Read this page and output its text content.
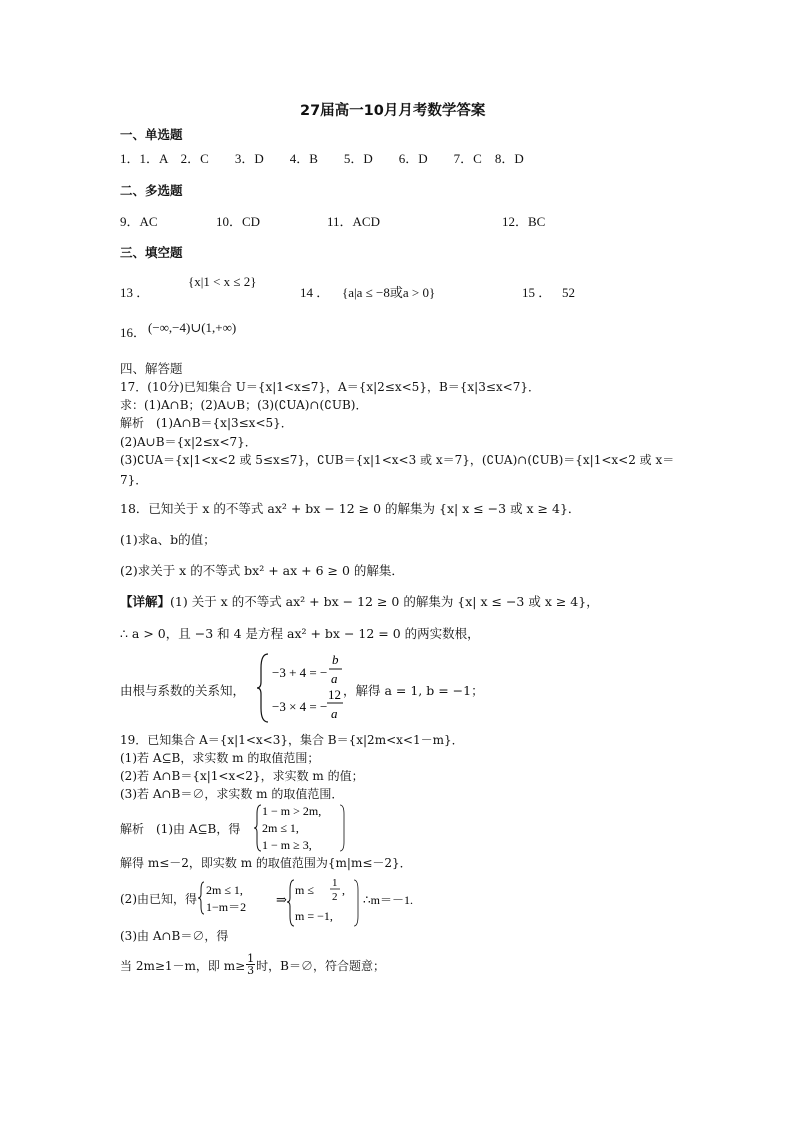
27届高一10月月考数学答案
一、单选题
1．1．A　2．C　　3．D　　4．B　　5．D　　6．D　　7．C　8．D
二、多选题
9．AC	10．CD	11．ACD	12．BC
三、填空题
13 ．
{x|1 < x ≤ 2}
14 ． {a|a ≤ −8或a > 0}	15 ． 52
16． (−∞,−4)∪(1,+∞)
四、解答题
17．(10分)已知集合 U＝{x|1<x≤7}，A＝{x|2≤x<5}，B＝{x|3≤x<7}．
求：(1)A∩B；(2)A∪B；(3)(∁UA)∩(∁UB)．
解析　(1)A∩B＝{x|3≤x<5}．
(2)A∪B＝{x|2≤x<7}．
(3)∁UA＝{x|1<x<2 或 5≤x≤7}，∁UB＝{x|1<x<3 或 x＝7}，(∁UA)∩(∁UB)＝{x|1<x<2 或 x＝
7}．
18．已知关于 x 的不等式 ax² + bx − 12 ≥ 0 的解集为 {x| x ≤ −3 或 x ≥ 4}．
(1)求a、b的值；
(2)求关于 x 的不等式 bx² + ax + 6 ≥ 0 的解集．
【详解】(1) 关于 x 的不等式 ax² + bx − 12 ≥ 0 的解集为 {x| x ≤ −3 或 x ≥ 4}，
∴ a > 0，且 −3 和 4 是方程 ax² + bx − 12 = 0 的两实数根，
由根与系数的关系知，
−3 + 4 = −
b
a
−3 × 4 = −
12
a
，解得 a = 1, b = −1；
19．已知集合 A＝{x|1<x<3}，集合 B＝{x|2m<x<1－m}．
(1)若 A⊆B，求实数 m 的取值范围；
(2)若 A∩B＝{x|1<x<2}，求实数 m 的值；
(3)若 A∩B＝∅，求实数 m 的取值范围．
解析　(1)由 A⊆B，得
1 − m > 2m,
2m ≤ 1,
1 − m ≥ 3,
解得 m≤－2，即实数 m 的取值范围为{m|m≤－2}．
(2)由已知，得
2m ≤ 1,
1−m＝2 ⇒
m ≤ 1
2 ,
m = −1,
∴m＝－1.
(3)由 A∩B＝∅，得
当 2m≥1－m，即 $m\ge \frac{1}{3}$ 时，B＝∅，符合题意；
